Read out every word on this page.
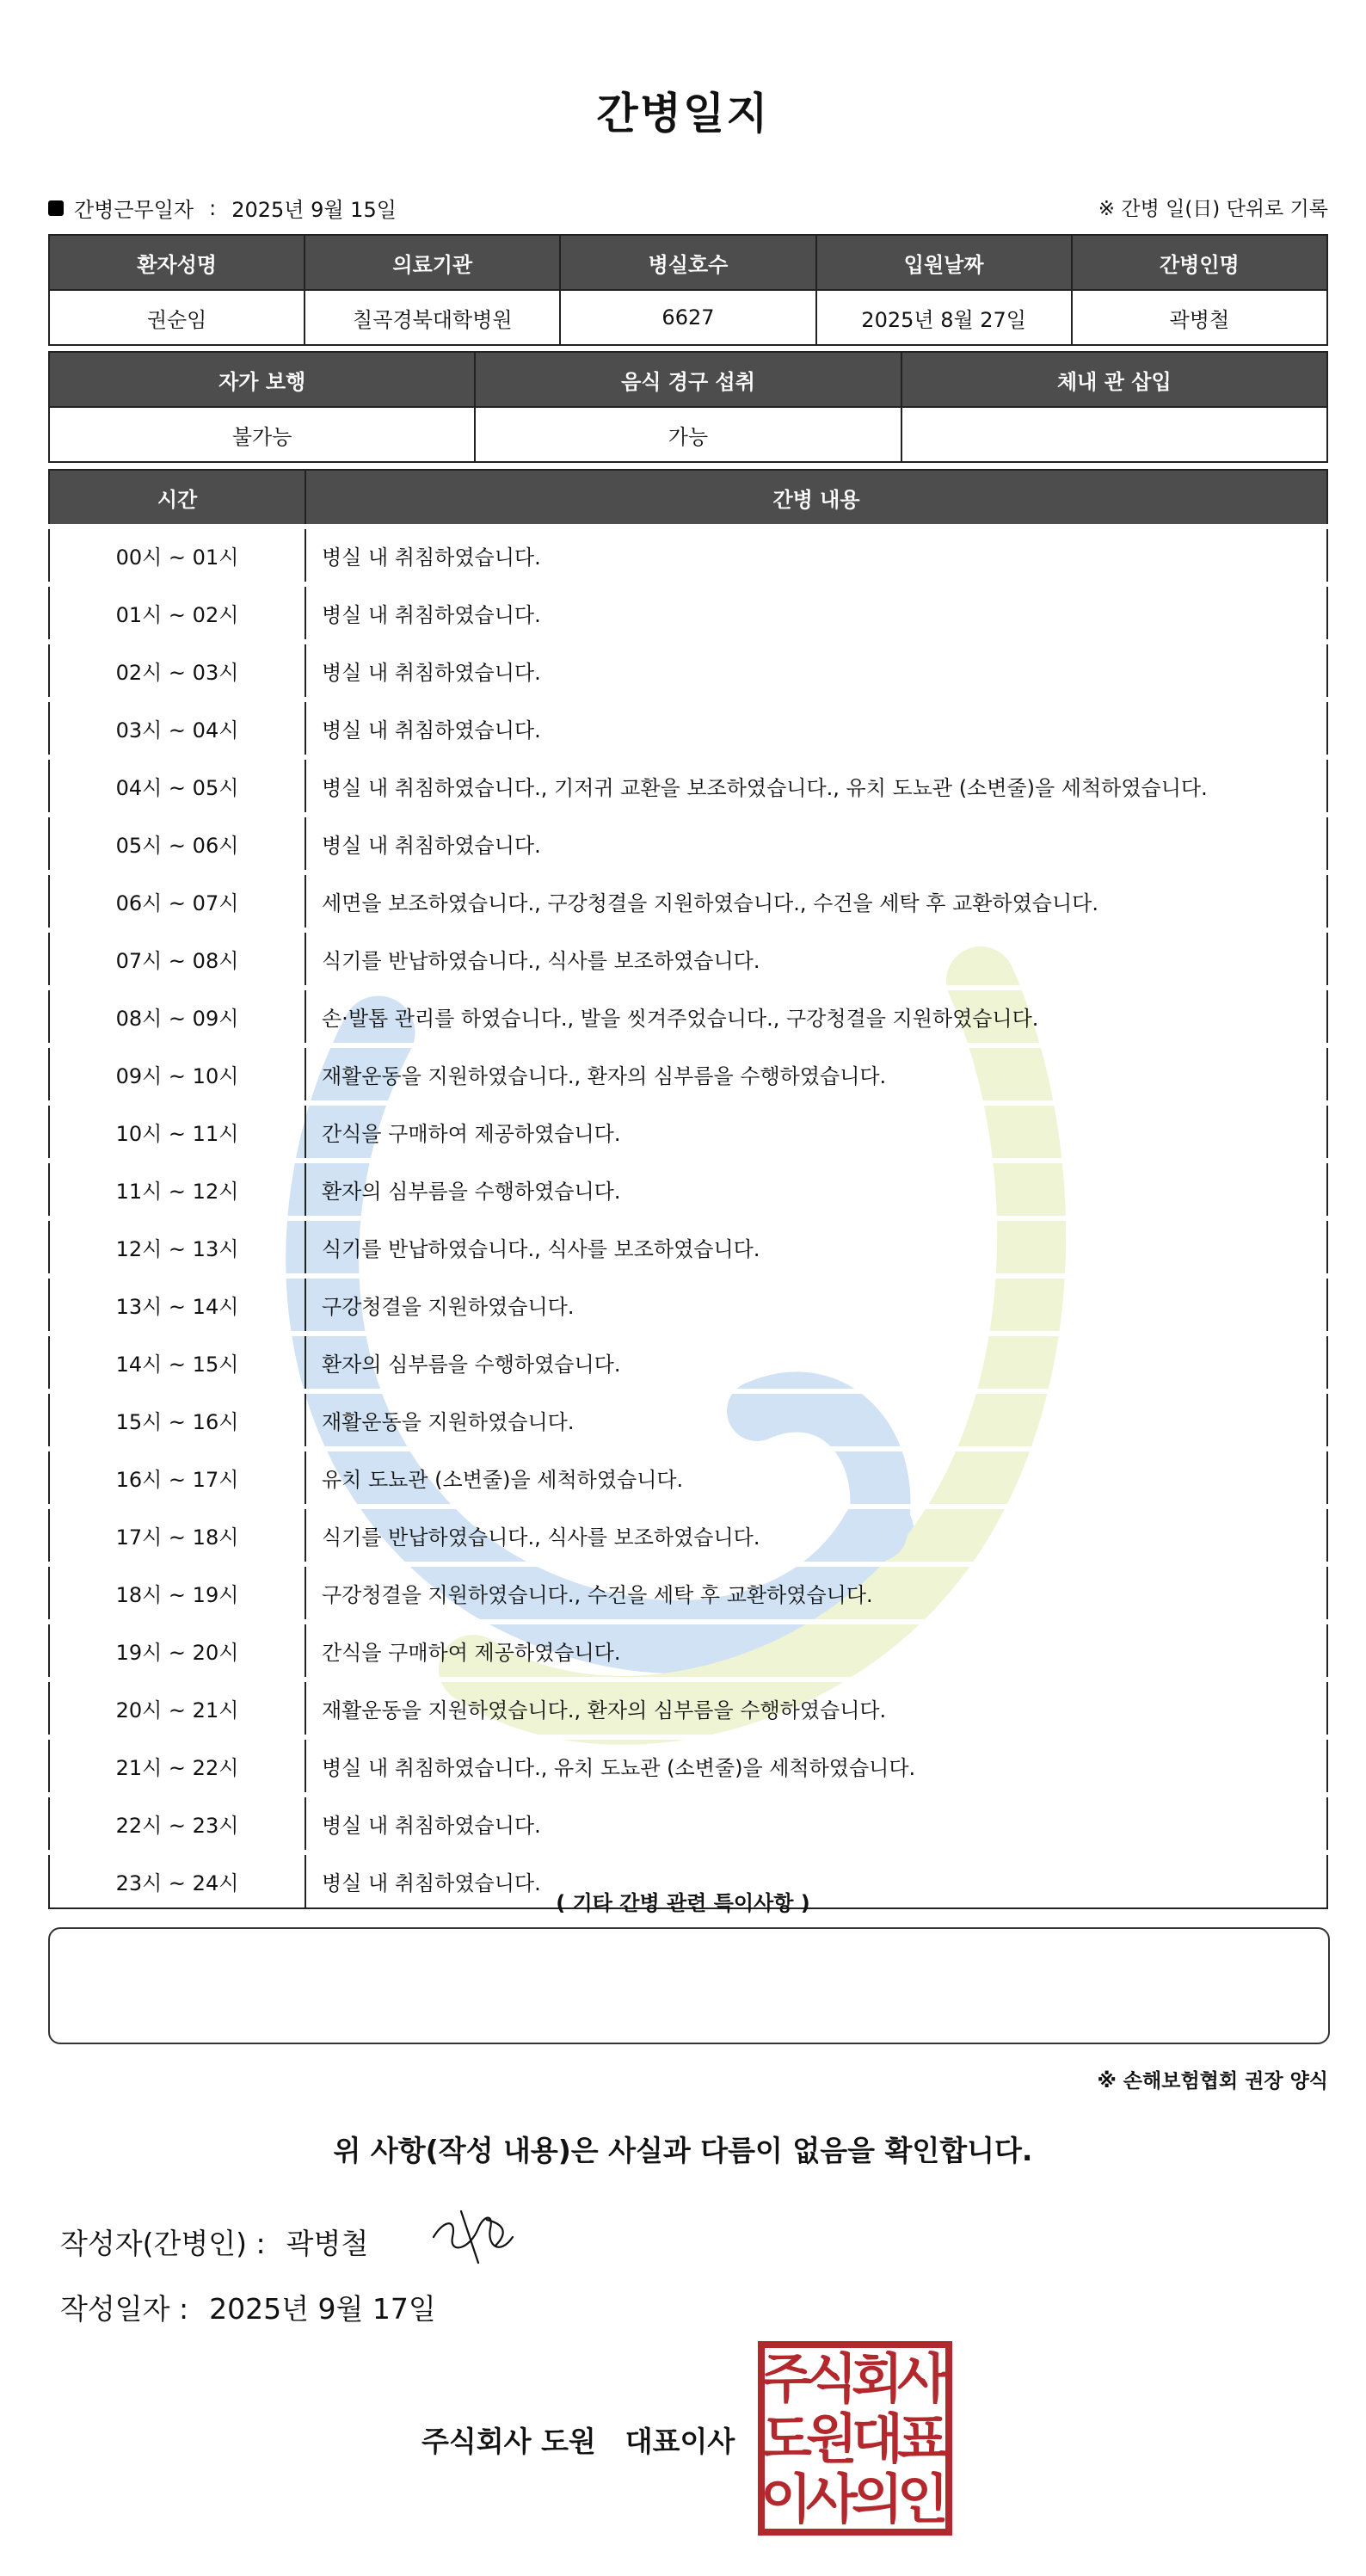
간병일지
간병근무일자 : 2025년 9월 15일	※ 간병 일(日) 단위로 기록
환자성명	의료기관	병실호수	입원날짜	간병인명
권순임	칠곡경북대학병원	6627	2025년 8월 27일	곽병철
자가 보행	음식 경구 섭취	체내 관 삽입
불가능	가능	
시간	간병 내용
00시 ~ 01시	병실 내 취침하였습니다.
01시 ~ 02시	병실 내 취침하였습니다.
02시 ~ 03시	병실 내 취침하였습니다.
03시 ~ 04시	병실 내 취침하였습니다.
04시 ~ 05시	병실 내 취침하였습니다., 기저귀 교환을 보조하였습니다., 유치 도뇨관 (소변줄)을 세척하였습니다.
05시 ~ 06시	병실 내 취침하였습니다.
06시 ~ 07시	세면을 보조하였습니다., 구강청결을 지원하였습니다., 수건을 세탁 후 교환하였습니다.
07시 ~ 08시	식기를 반납하였습니다., 식사를 보조하였습니다.
08시 ~ 09시	손·발톱 관리를 하였습니다., 발을 씻겨주었습니다., 구강청결을 지원하였습니다.
09시 ~ 10시	재활운동을 지원하였습니다., 환자의 심부름을 수행하였습니다.
10시 ~ 11시	간식을 구매하여 제공하였습니다.
11시 ~ 12시	환자의 심부름을 수행하였습니다.
12시 ~ 13시	식기를 반납하였습니다., 식사를 보조하였습니다.
13시 ~ 14시	구강청결을 지원하였습니다.
14시 ~ 15시	환자의 심부름을 수행하였습니다.
15시 ~ 16시	재활운동을 지원하였습니다.
16시 ~ 17시	유치 도뇨관 (소변줄)을 세척하였습니다.
17시 ~ 18시	식기를 반납하였습니다., 식사를 보조하였습니다.
18시 ~ 19시	구강청결을 지원하였습니다., 수건을 세탁 후 교환하였습니다.
19시 ~ 20시	간식을 구매하여 제공하였습니다.
20시 ~ 21시	재활운동을 지원하였습니다., 환자의 심부름을 수행하였습니다.
21시 ~ 22시	병실 내 취침하였습니다., 유치 도뇨관 (소변줄)을 세척하였습니다.
22시 ~ 23시	병실 내 취침하였습니다.
23시 ~ 24시	병실 내 취침하였습니다.
( 기타 간병 관련 특이사항 )
※ 손해보험협회 권장 양식
위 사항(작성 내용)은 사실과 다름이 없음을 확인합니다.
작성자(간병인) : 곽병철
작성일자 : 2025년 9월 17일
주식회사 도원 대표이사
주
식
회
사
도
원
대
표
이
사
의
인
